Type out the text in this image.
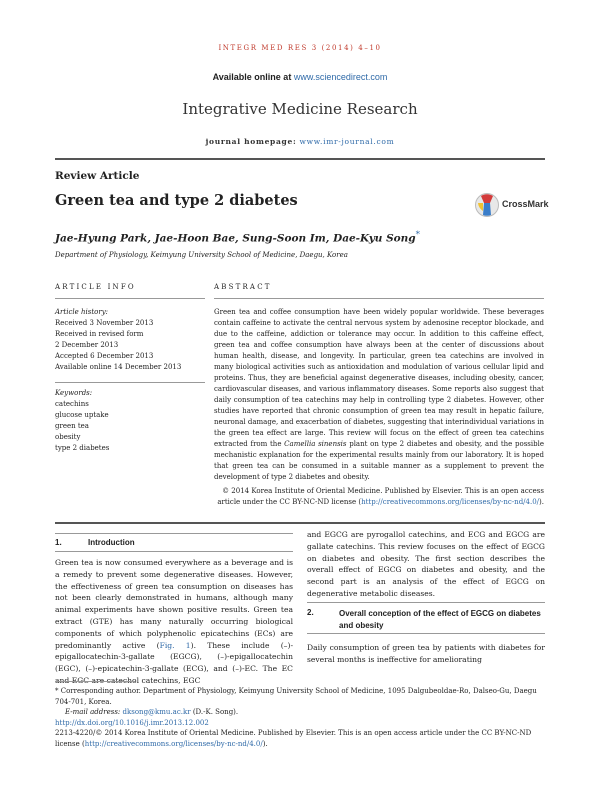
INTEGR MED RES 3 (2014) 4–10
Available online at www.sciencedirect.com
Integrative Medicine Research
journal homepage: www.imr-journal.com
Review Article
Green tea and type 2 diabetes
Jae-Hyung Park, Jae-Hoon Bae, Sung-Soon Im, Dae-Kyu Song*
Department of Physiology, Keimyung University School of Medicine, Daegu, Korea
CrossMark
ARTICLE INFO	ABSTRACT
Article history:
Received 3 November 2013
Received in revised form
2 December 2013
Accepted 6 December 2013
Available online 14 December 2013
Keywords:
catechins
glucose uptake
green tea
obesity
type 2 diabetes

Green tea and coffee consumption have been widely popular worldwide. These beverages contain caffeine to activate the central nervous system by adenosine receptor blockade, and due to the caffeine, addiction or tolerance may occur. In addition to this caffeine effect, green tea and coffee consumption have always been at the center of discussions about human health, disease, and longevity. In particular, green tea catechins are involved in many biological activities such as antioxidation and modulation of various cellular lipid and proteins. Thus, they are beneficial against degenerative diseases, including obesity, cancer, cardiovascular diseases, and various inflammatory diseases. Some reports also suggest that daily consumption of tea catechins may help in controlling type 2 diabetes. However, other studies have reported that chronic consumption of green tea may result in hepatic failure, neuronal damage, and exacerbation of diabetes, suggesting that interindividual variations in the green tea effect are large. This review will focus on the effect of green tea catechins extracted from the Camellia sinensis plant on type 2 diabetes and obesity, and the possible mechanistic explanation for the experimental results mainly from our laboratory. It is hoped that green tea can be consumed in a suitable manner as a supplement to prevent the development of type 2 diabetes and obesity.

© 2014 Korea Institute of Oriental Medicine. Published by Elsevier. This is an open access article under the CC BY-NC-ND license (http://creativecommons.org/licenses/by-nc-nd/4.0/).
1.	Introduction

Green tea is now consumed everywhere as a beverage and is a remedy to prevent some degenerative diseases. However, the effectiveness of green tea consumption on diseases has not been clearly demonstrated in humans, although many animal experiments have shown positive results. Green tea extract (GTE) has many naturally occurring biological components of which polyphenolic epicatechins (ECs) are predominantly active (Fig. 1). These include (–)-epigallocatechin-3-gallate (EGCG), (–)-epigallocatechin (EGC), (–)-epicatechin-3-gallate (ECG), and (–)-EC. The EC and EGC are catechol catechins, EGC

and EGCG are pyrogallol catechins, and ECG and EGCG are gallate catechins. This review focuses on the effect of EGCG on diabetes and obesity. The first section describes the overall effect of EGCG on diabetes and obesity, and the second part is an analysis of the effect of EGCG on degenerative metabolic diseases.

2.	Overall conception of the effect of EGCG on diabetes and obesity
Daily consumption of green tea by patients with diabetes for several months is ineffective for ameliorating

* Corresponding author. Department of Physiology, Keimyung University School of Medicine, 1095 Dalgubeoldae-Ro, Dalseo-Gu, Daegu 704-701, Korea.

E-mail address: dksong@kmu.ac.kr (D.-K. Song).

http://dx.doi.org/10.1016/j.imr.2013.12.002

2213-4220/© 2014 Korea Institute of Oriental Medicine. Published by Elsevier. This is an open access article under the CC BY-NC-ND license (http://creativecommons.org/licenses/by-nc-nd/4.0/).
